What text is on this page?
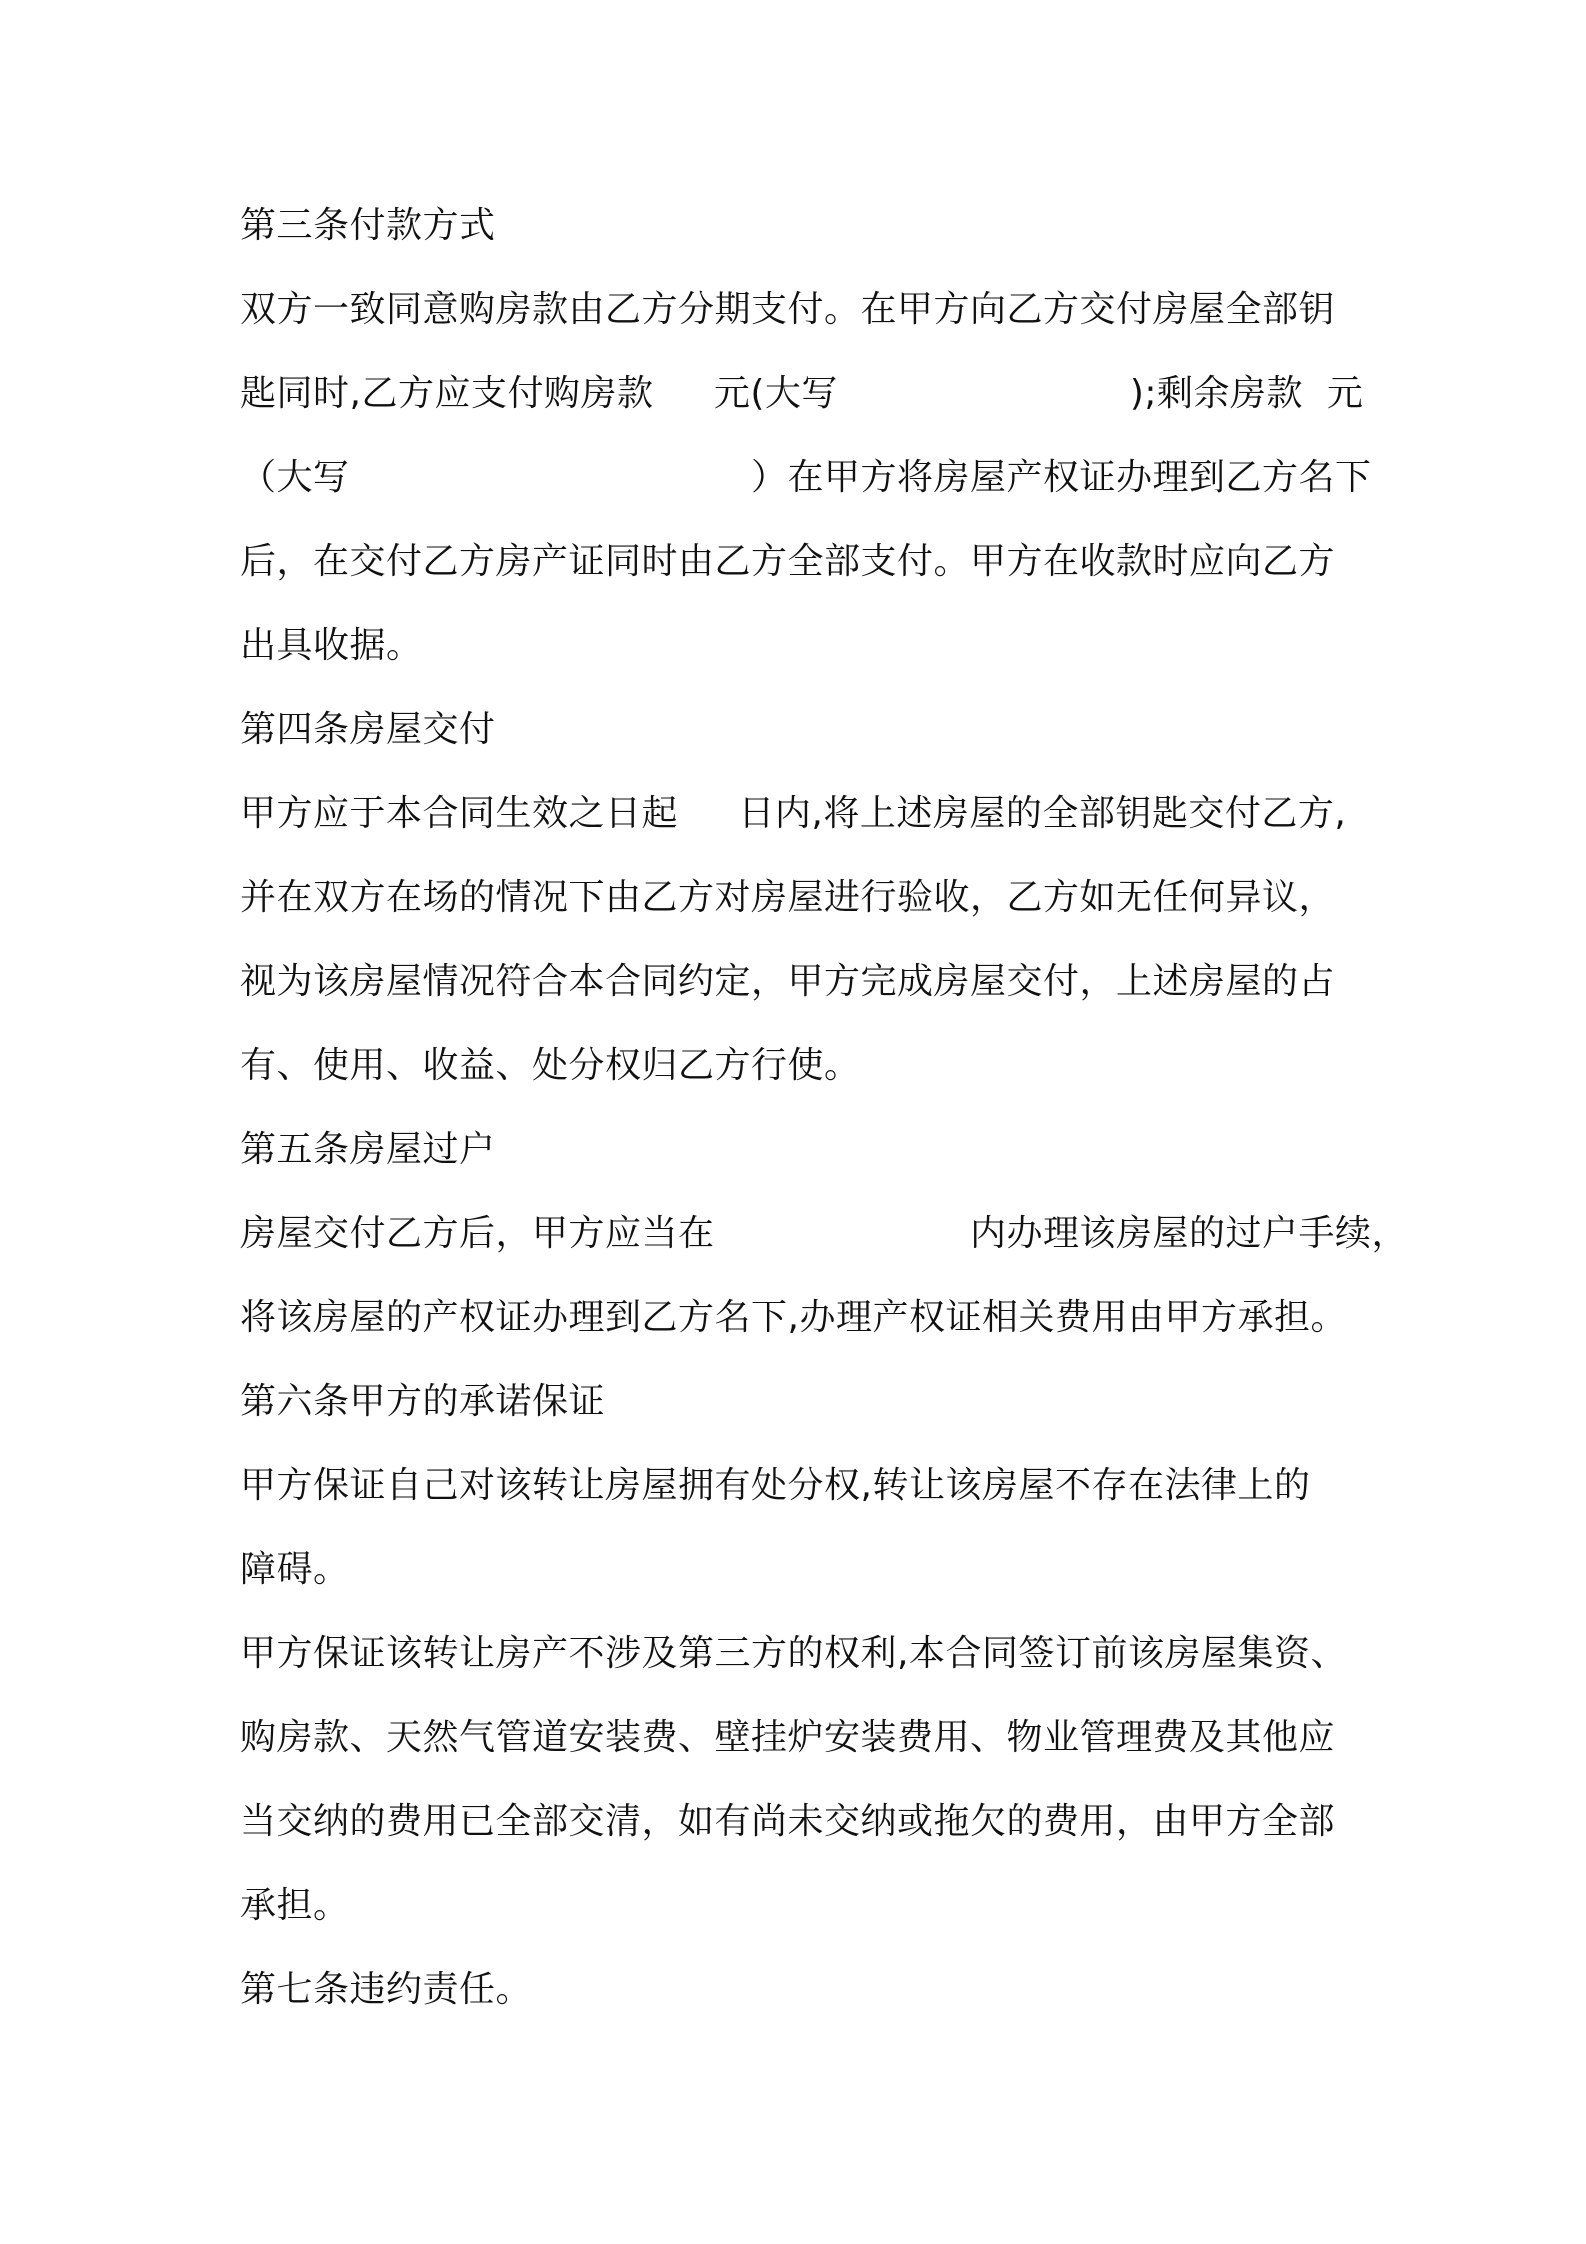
第三条付款方式
双方一致同意购房款由乙方分期支付。在甲方向乙方交付房屋全部钥
匙同时,乙方应支付购房款　  元(大写　　　　　　　　);剩余房款  元
（大写　　　　　　　　　　　）在甲方将房屋产权证办理到乙方名下
后，在交付乙方房产证同时由乙方全部支付。甲方在收款时应向乙方
出具收据。
第四条房屋交付
甲方应于本合同生效之日起　  日内,将上述房屋的全部钥匙交付乙方,
并在双方在场的情况下由乙方对房屋进行验收，乙方如无任何异议，
视为该房屋情况符合本合同约定，甲方完成房屋交付，上述房屋的占
有、使用、收益、处分权归乙方行使。
第五条房屋过户
房屋交付乙方后，甲方应当在　　　　　　　内办理该房屋的过户手续，
将该房屋的产权证办理到乙方名下,办理产权证相关费用由甲方承担。
第六条甲方的承诺保证
甲方保证自己对该转让房屋拥有处分权,转让该房屋不存在法律上的
障碍。
甲方保证该转让房产不涉及第三方的权利,本合同签订前该房屋集资、
购房款、天然气管道安装费、壁挂炉安装费用、物业管理费及其他应
当交纳的费用已全部交清，如有尚未交纳或拖欠的费用，由甲方全部
承担。
第七条违约责任。
